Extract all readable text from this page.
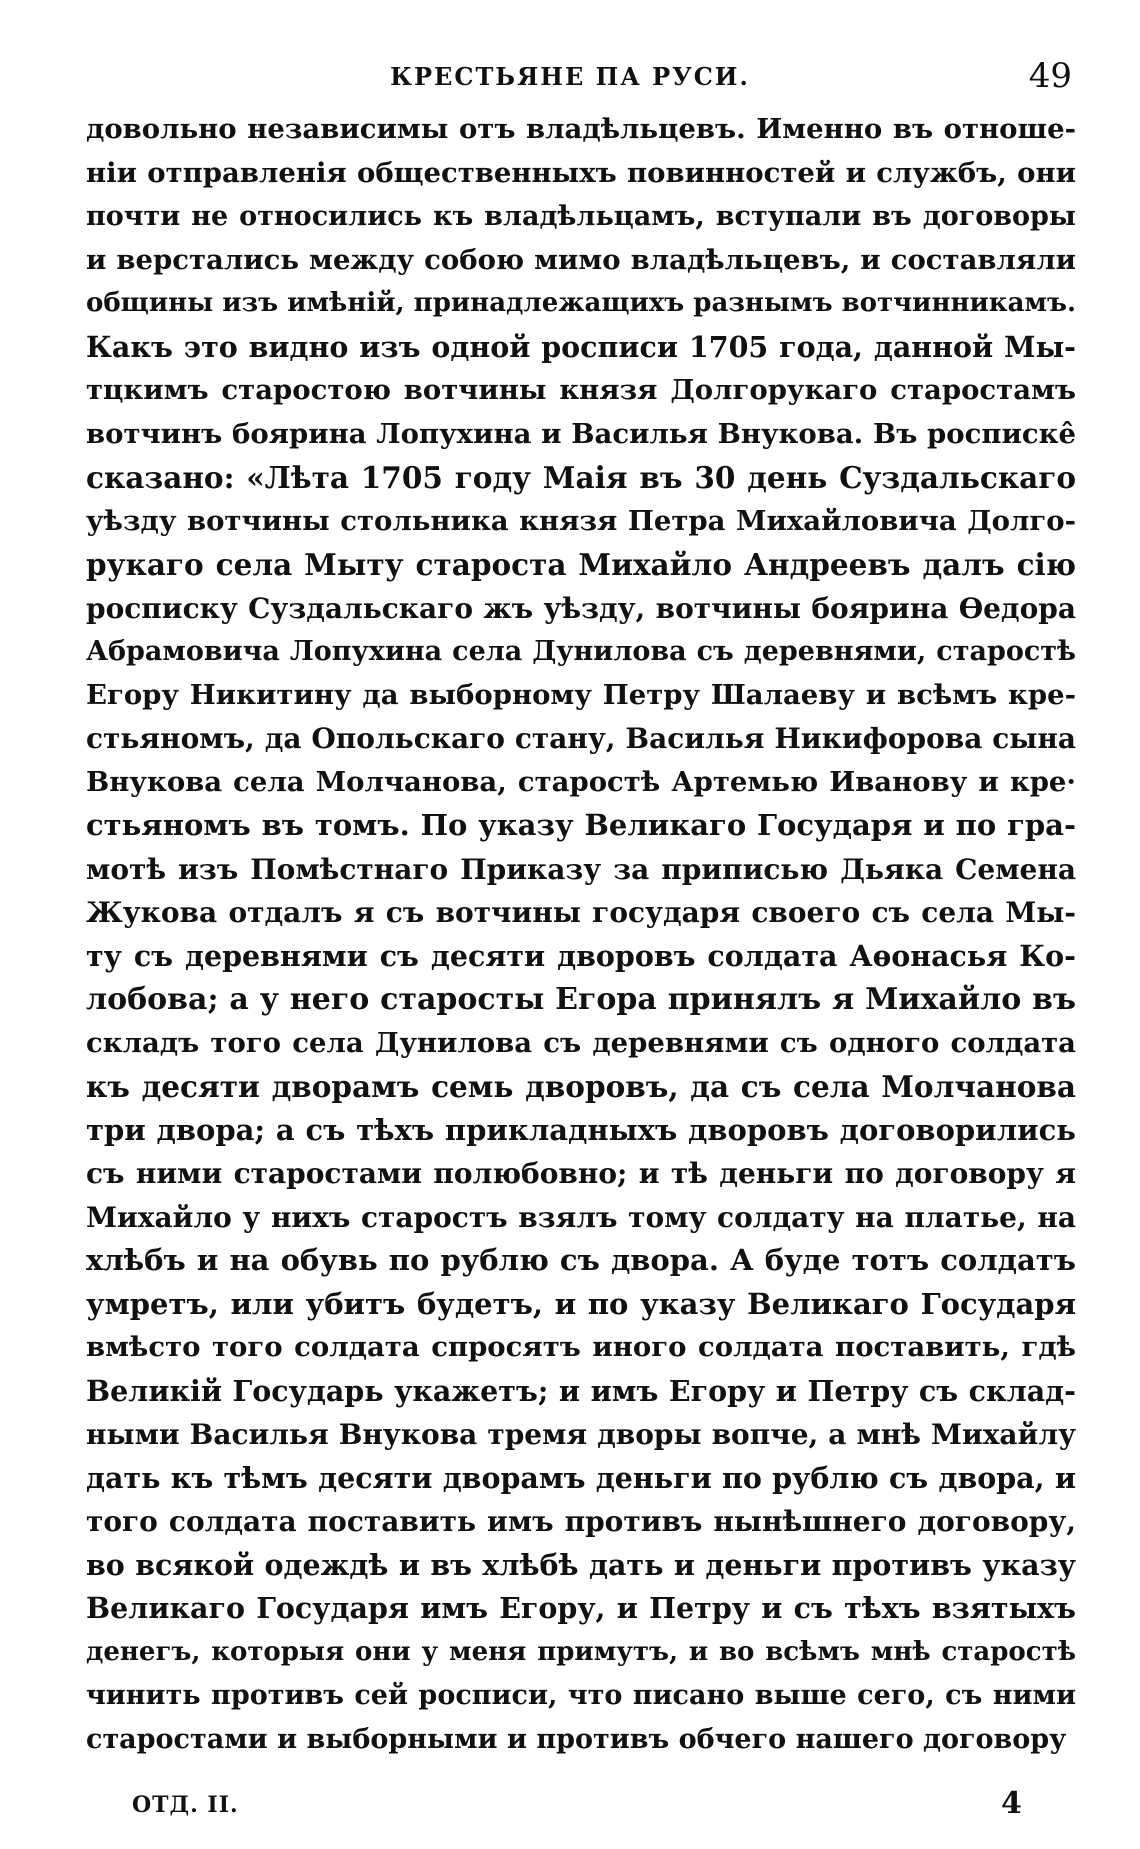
КРЕСТЬЯНЕ ПА РУСИ.	49
довольно независимы отъ владѣльцевъ. Именно въ отноше-
ніи отправленія общественныхъ повинностей и службъ, они
почти не относились къ владѣльцамъ, вступали въ договоры
и верстались между собою мимо владѣльцевъ, и составляли
общины изъ имѣній, принадлежащихъ разнымъ вотчинникамъ.
Какъ это видно изъ одной росписи 1705 года, данной Мы-
тцкимъ старостою вотчины князя Долгорукаго старостамъ
вотчинъ боярина Лопухина и Василья Внукова. Въ росписке̂
сказано: «Лѣта 1705 году Маія въ 30 день Суздальскаго
уѣзду вотчины стольника князя Петра Михайловича Долго-
рукаго села Мыту староста Михайло Андреевъ далъ сію
роспиcку Суздальскаго жъ уѣзду, вотчины боярина Ѳедора
Абрамовича Лопухина села Дунилова съ деревнями, старостѣ
Егору Никитину да выборному Петру Шалаеву и всѣмъ кре-
стьяномъ, да Опольскаго стану, Василья Никифорова сына
Внукова села Молчанова, старостѣ Артемью Иванову и кре·
стьяномъ въ томъ. По указу Великаго Государя и по гра-
мотѣ изъ Помѣстнаго Приказу за приписью Дьяка Семена
Жукова отдалъ я съ вотчины государя своего съ села Мы-
ту съ деревнями съ десяти дворовъ солдата Аѳонасья Ко-
лобова; а у него старосты Егора принялъ я Михайло въ
складъ того села Дунилова съ деревнями съ одного солдата
къ десяти дворамъ семь дворовъ, да съ села Молчанова
три двора; а съ тѣхъ прикладныхъ дворовъ договорились
съ ними старостами полюбовно; и тѣ деньги по договору я
Михайло у нихъ старостъ взялъ тому солдату на платье, на
хлѣбъ и на обувь по рублю съ двора. А буде тотъ солдатъ
умретъ, или убитъ будетъ, и по указу Великаго Государя
вмѣсто того солдата спросятъ иного солдата поставить, гдѣ
Великій Государь укажетъ; и имъ Егору и Петру съ склад-
ными Василья Внукова тремя дворы вопче, а мнѣ Михайлу
дать къ тѣмъ десяти дворамъ деньги по рублю съ двора, и
того солдата поставить имъ противъ нынѣшнего договору,
во всякой одеждѣ и въ хлѣбѣ дать и деньги противъ указу
Великаго Государя имъ Егору, и Петру и съ тѣхъ взятыхъ
денегъ, которыя они у меня примутъ, и во всѣмъ мнѣ старостѣ
чинить противъ сей росписи, что писано выше сего, съ ними
старостами и выборными и противъ обчего нашего договору
ОТД. II.	4
